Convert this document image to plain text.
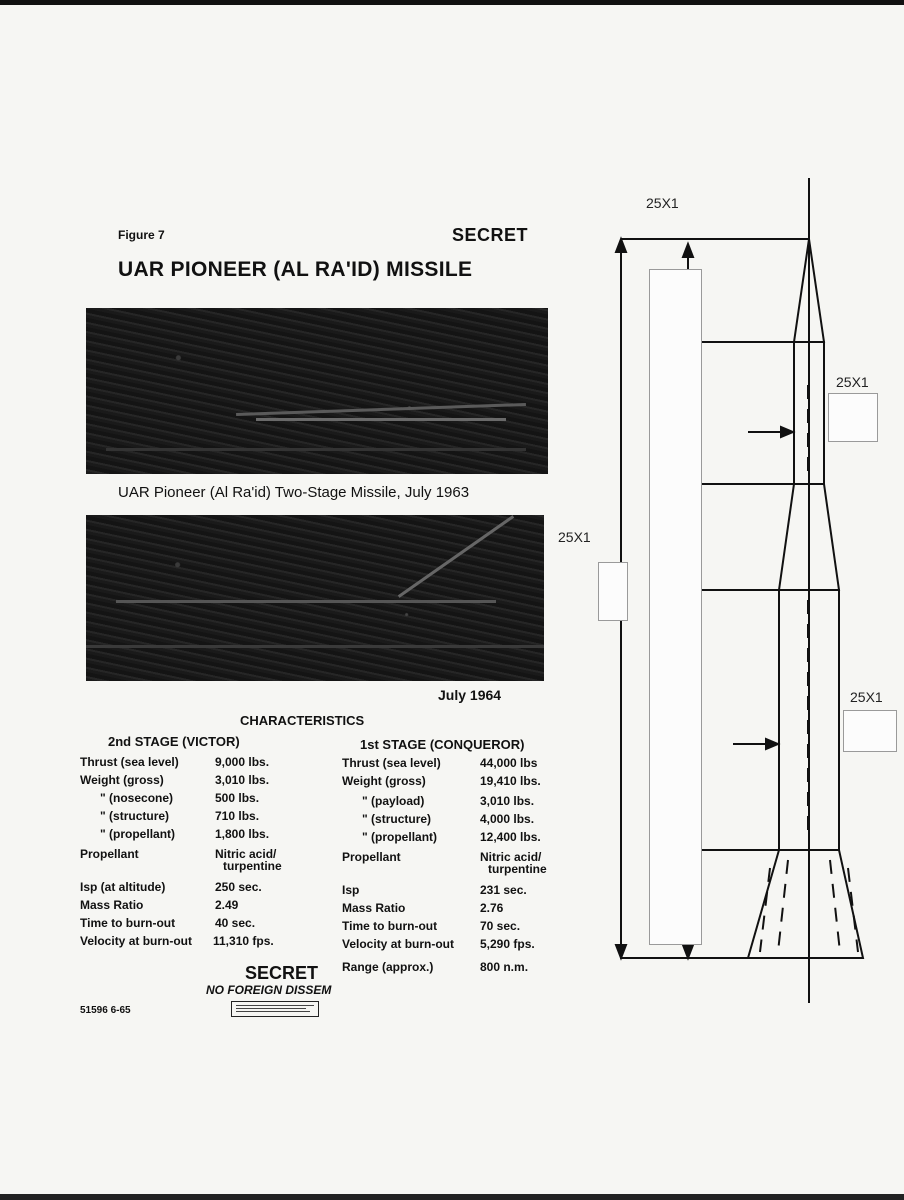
Figure 7	SECRET
UAR PIONEER (AL RA'ID) MISSILE
UAR Pioneer (Al Ra'id) Two-Stage Missile, July 1963
July 1964
CHARACTERISTICS
2nd STAGE (VICTOR)	1st STAGE (CONQUEROR)
Thrust (sea level)	9,000 lbs.
Weight (gross)	3,010 lbs.
" (nosecone)	500 lbs.
" (structure)	710 lbs.
" (propellant)	1,800 lbs.
Propellant	Nitric acid/
turpentine
Isp (at altitude)	250 sec.
Mass Ratio	2.49
Time to burn-out	40 sec.
Velocity at burn-out 11,310 fps.
Thrust (sea level)	44,000 lbs
Weight (gross)	19,410 lbs.
" (payload)	3,010 lbs.
" (structure)	4,000 lbs.
" (propellant)	12,400 lbs.
Propellant	Nitric acid/
turpentine
Isp	231 sec.
Mass Ratio	2.76
Time to burn-out	70 sec.
Velocity at burn-out 5,290 fps.
Range (approx.)	800 n.m.
SECRET
NO FOREIGN DISSEM
51596 6-65
25X1
25X1
25X1
25X1
